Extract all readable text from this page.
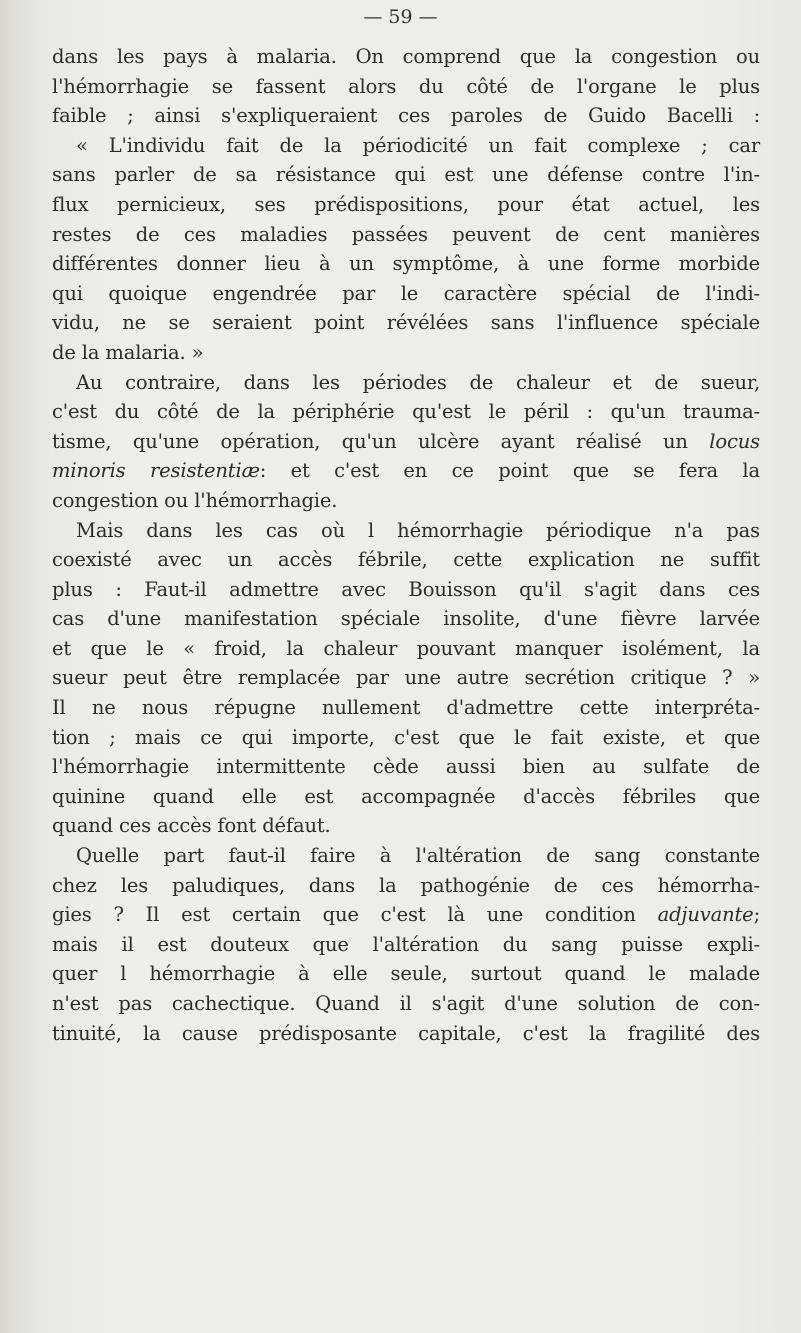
— 59 —

dans les pays à malaria. On comprend que la congestion ou
l'hémorrhagie se fassent alors du côté de l'organe le plus
faible ; ainsi s'expliqueraient ces paroles de Guido Bacelli :
« L'individu fait de la périodicité un fait complexe ; car
sans parler de sa résistance qui est une défense contre l'in-
flux pernicieux, ses prédispositions, pour état actuel, les
restes de ces maladies passées peuvent de cent manières
différentes donner lieu à un symptôme, à une forme morbide
qui quoique engendrée par le caractère spécial de l'indi-
vidu, ne se seraient point révélées sans l'influence spéciale
de la malaria. »

Au contraire, dans les périodes de chaleur et de sueur,
c'est du côté de la périphérie qu'est le péril : qu'un trauma-
tisme, qu'une opération, qu'un ulcère ayant réalisé un locus
minoris resistentiæ: et c'est en ce point que se fera la
congestion ou l'hémorrhagie.

Mais dans les cas où l hémorrhagie périodique n'a pas
coexisté avec un accès fébrile, cette explication ne suffit
plus : Faut-il admettre avec Bouisson qu'il s'agit dans ces
cas d'une manifestation spéciale insolite, d'une fièvre larvée
et que le « froid, la chaleur pouvant manquer isolément, la
sueur peut être remplacée par une autre secrétion critique ? »
Il ne nous répugne nullement d'admettre cette interpréta-
tion ; mais ce qui importe, c'est que le fait existe, et que
l'hémorrhagie intermittente cède aussi bien au sulfate de
quinine quand elle est accompagnée d'accès fébriles que
quand ces accès font défaut.

Quelle part faut-il faire à l'altération de sang constante
chez les paludiques, dans la pathogénie de ces hémorrha-
gies ? Il est certain que c'est là une condition adjuvante;
mais il est douteux que l'altération du sang puisse expli-
quer l hémorrhagie à elle seule, surtout quand le malade
n'est pas cachectique. Quand il s'agit d'une solution de con-
tinuité, la cause prédisposante capitale, c'est la fragilité des
